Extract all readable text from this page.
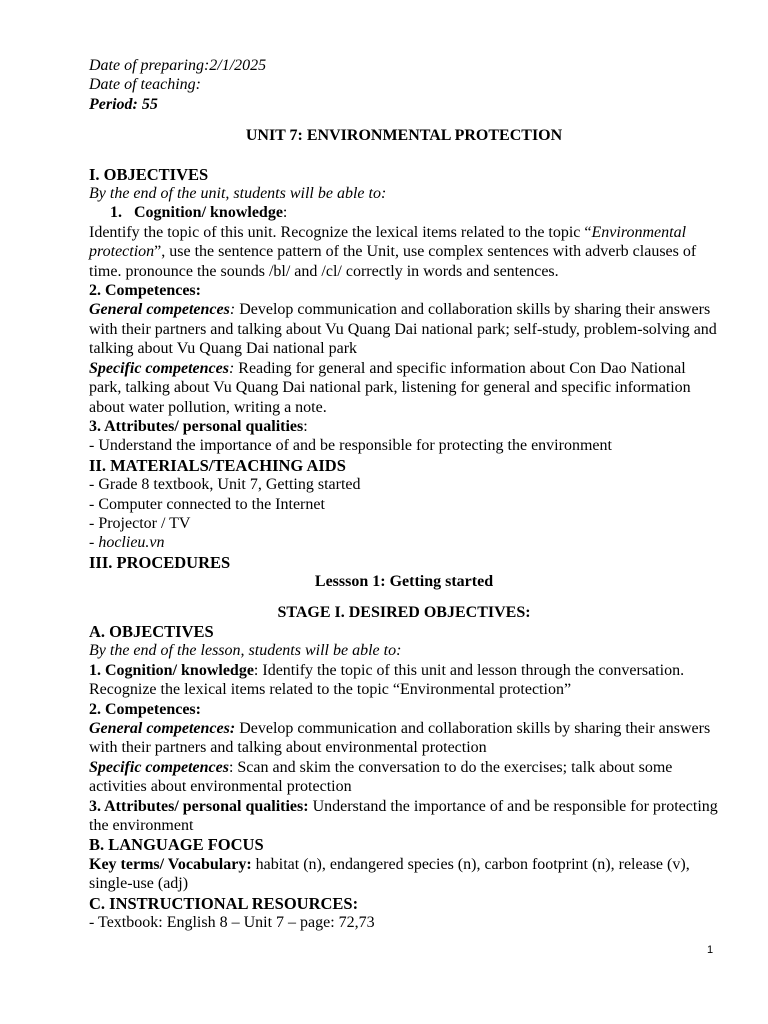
Date of preparing:2/1/2025
Date of teaching:
Period: 55
UNIT 7: ENVIRONMENTAL PROTECTION
I. OBJECTIVES
By the end of the unit, students will be able to:
1. Cognition/ knowledge:
Identify the topic of this unit. Recognize the lexical items related to the topic “Environmental protection”, use the sentence pattern of the Unit, use complex sentences with adverb clauses of time. pronounce the sounds /bl/ and /cl/ correctly in words and sentences.
2. Competences:
General competences: Develop communication and collaboration skills by sharing their answers with their partners and talking about Vu Quang Dai national park; self-study, problem-solving and talking about Vu Quang Dai national park
Specific competences: Reading for general and specific information about Con Dao National park, talking about Vu Quang Dai national park, listening for general and specific information about water pollution, writing a note.
3. Attributes/ personal qualities:
- Understand the importance of and be responsible for protecting the environment
II. MATERIALS/TEACHING AIDS
- Grade 8 textbook, Unit 7, Getting started
- Computer connected to the Internet
- Projector / TV
- hoclieu.vn
III. PROCEDURES
Lessson 1: Getting started
STAGE I. DESIRED OBJECTIVES:
A. OBJECTIVES
By the end of the lesson, students will be able to:
1. Cognition/ knowledge: Identify the topic of this unit and lesson through the conversation. Recognize the lexical items related to the topic “Environmental protection”
2. Competences:
General competences: Develop communication and collaboration skills by sharing their answers with their partners and talking about environmental protection
Specific competences: Scan and skim the conversation to do the exercises; talk about some activities about environmental protection
3. Attributes/ personal qualities: Understand the importance of and be responsible for protecting the environment
B. LANGUAGE FOCUS
Key terms/ Vocabulary: habitat (n), endangered species (n), carbon footprint (n), release (v), single-use (adj)
C. INSTRUCTIONAL RESOURCES:
- Textbook: English 8 – Unit 7 – page: 72,73
1
